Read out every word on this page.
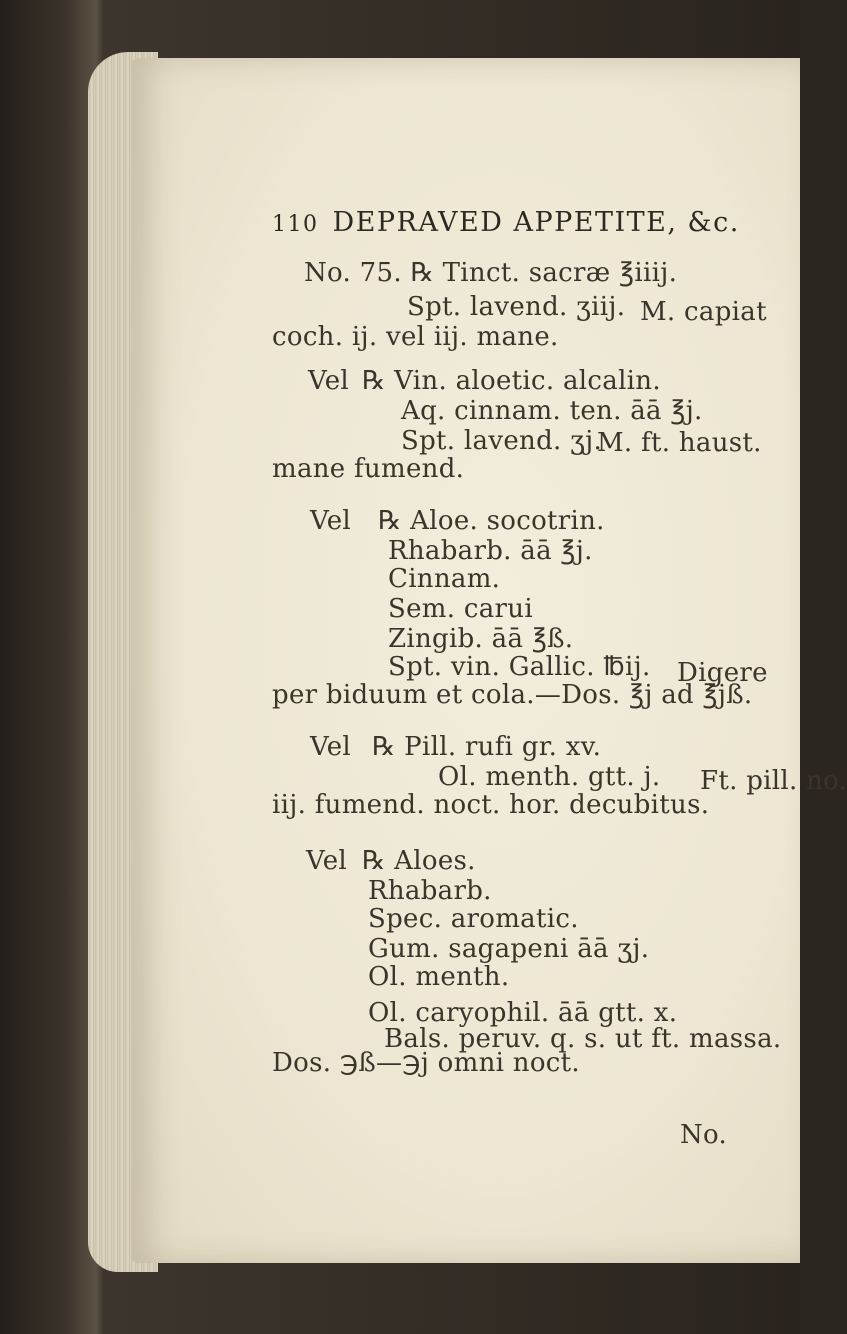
110 DEPRAVED APPETITE, &c.
No. 75. ℞ Tinct. sacræ ℥iiij.
Spt. lavend. ʒiij. M. capiat
coch. ij. vel iij. mane.
Vel ℞ Vin. aloetic. alcalin.
Aq. cinnam. ten. āā ℥j.
Spt. lavend. ʒj.
M. ft. haust.
mane fumend.
Vel ℞ Aloe. socotrin.
Rhabarb. āā ℥j.
Cinnam.
Sem. carui
Zingib. āā ℥ß.
Spt. vin. Gallic. ℔ij. Digere
per biduum et cola.—Dos. ℥j ad ℥jß.
Vel ℞ Pill. rufi gr. xv.
Ol. menth. gtt. j. Ft. pill. no.
iij. fumend. noct. hor. decubitus.
Vel ℞ Aloes.
Rhabarb.
Spec. aromatic.
Gum. sagapeni āā ʒj.
Ol. menth.
Ol. caryophil. āā gtt. x.
Bals. peruv. q. s. ut ft. massa.
Dos. ℈ß—℈j omni noct.
No.
